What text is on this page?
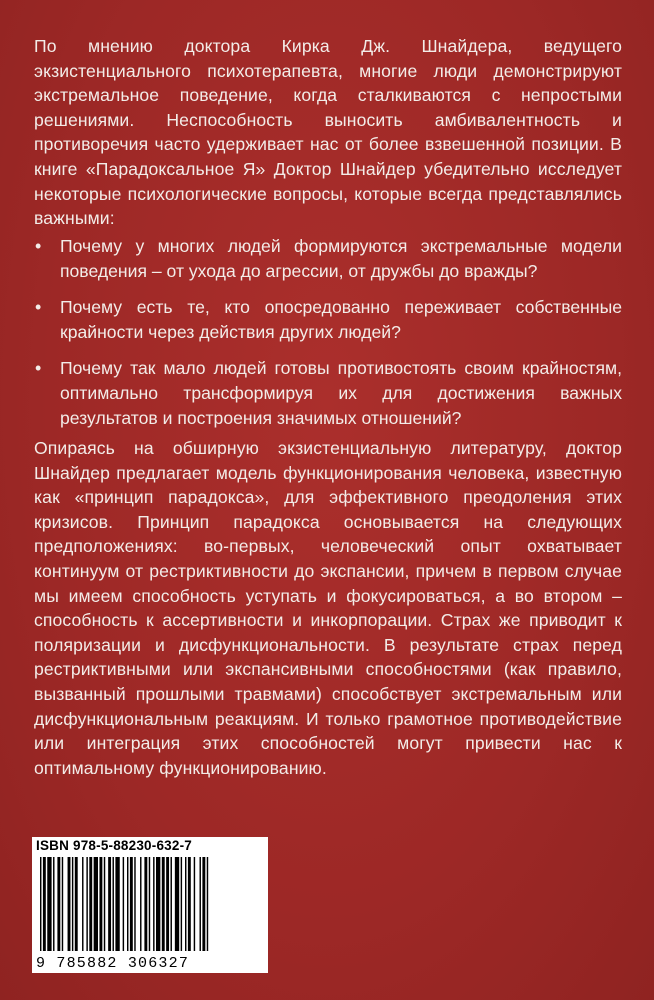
По мнению доктора Кирка Дж. Шнайдера, ведущего экзистенциального психотерапевта, многие люди демонстрируют экстремальное поведение, когда сталкиваются с непростыми решениями. Неспособность выносить амбивалентность и противоречия часто удерживает нас от более взвешенной позиции. В книге «Парадоксальное Я» Доктор Шнайдер убедительно исследует некоторые психологические вопросы, которые всегда представлялись важными:

• Почему у многих людей формируются экстремальные модели поведения – от ухода до агрессии, от дружбы до вражды?
• Почему есть те, кто опосредованно переживает собственные крайности через действия других людей?
• Почему так мало людей готовы противостоять своим крайностям, оптимально трансформируя их для достижения важных результатов и построения значимых отношений?

Опираясь на обширную экзистенциальную литературу, доктор Шнайдер предлагает модель функционирования человека, известную как «принцип парадокса», для эффективного преодоления этих кризисов. Принцип парадокса основывается на следующих предположениях: во-первых, человеческий опыт охватывает континуум от рестриктивности до экспансии, причем в первом случае мы имеем способность уступать и фокусироваться, а во втором – способность к ассертивности и инкорпорации. Страх же приводит к поляризации и дисфункциональности. В результате страх перед рестриктивными или экспансивными способностями (как правило, вызванный прошлыми травмами) способствует экстремальным или дисфункциональным реакциям. И только грамотное противодействие или интеграция этих способностей могут привести нас к оптимальному функционированию.

ISBN 978-5-88230-632-7
9 785882 306327
